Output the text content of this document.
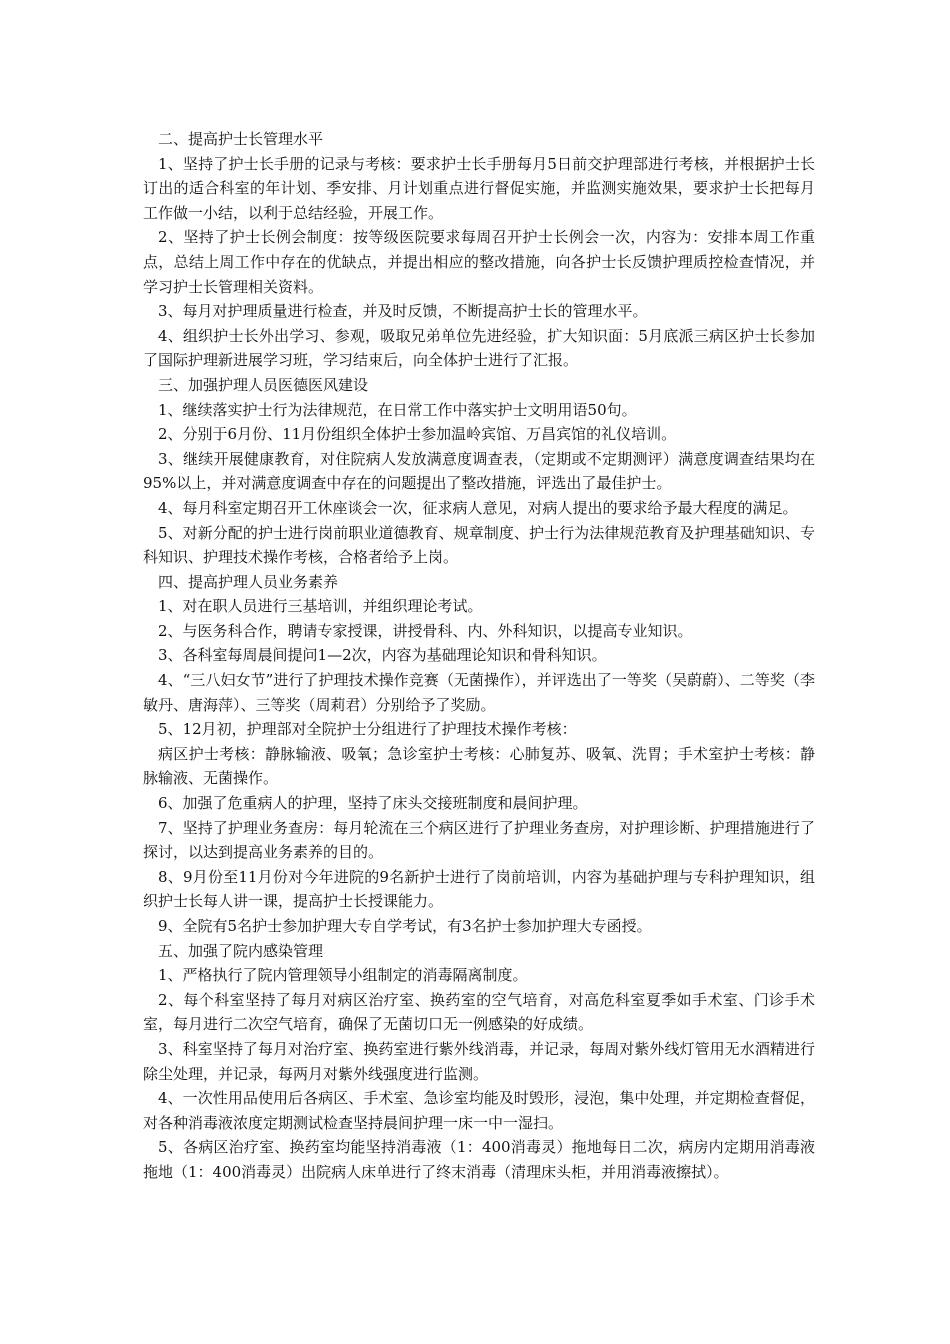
二、提高护士长管理水平

1、坚持了护士长手册的记录与考核：要求护士长手册每月5日前交护理部进行考核，并根据护士长订出的适合科室的年计划、季安排、月计划重点进行督促实施，并监测实施效果，要求护士长把每月工作做一小结，以利于总结经验，开展工作。

2、坚持了护士长例会制度：按等级医院要求每周召开护士长例会一次，内容为：安排本周工作重点，总结上周工作中存在的优缺点，并提出相应的整改措施，向各护士长反馈护理质控检查情况，并学习护士长管理相关资料。

3、每月对护理质量进行检查，并及时反馈，不断提高护士长的管理水平。

4、组织护士长外出学习、参观，吸取兄弟单位先进经验，扩大知识面：5月底派三病区护士长参加了国际护理新进展学习班，学习结束后，向全体护士进行了汇报。

三、加强护理人员医德医风建设

1、继续落实护士行为法律规范，在日常工作中落实护士文明用语50句。

2、分别于6月份、11月份组织全体护士参加温岭宾馆、万昌宾馆的礼仪培训。

3、继续开展健康教育，对住院病人发放满意度调查表，（定期或不定期测评）满意度调查结果均在95%以上，并对满意度调查中存在的问题提出了整改措施，评选出了最佳护士。

4、每月科室定期召开工休座谈会一次，征求病人意见，对病人提出的要求给予最大程度的满足。

5、对新分配的护士进行岗前职业道德教育、规章制度、护士行为法律规范教育及护理基础知识、专科知识、护理技术操作考核，合格者给予上岗。

四、提高护理人员业务素养

1、对在职人员进行三基培训，并组织理论考试。

2、与医务科合作，聘请专家授课，讲授骨科、内、外科知识，以提高专业知识。

3、各科室每周晨间提问1—2次，内容为基础理论知识和骨科知识。

4、“三八妇女节”进行了护理技术操作竞赛（无菌操作），并评选出了一等奖（吴蔚蔚）、二等奖（李敏丹、唐海萍）、三等奖（周莉君）分别给予了奖励。

5、12月初，护理部对全院护士分组进行了护理技术操作考核：

病区护士考核：静脉输液、吸氧；急诊室护士考核：心肺复苏、吸氧、洗胃；手术室护士考核：静脉输液、无菌操作。

6、加强了危重病人的护理，坚持了床头交接班制度和晨间护理。

7、坚持了护理业务查房：每月轮流在三个病区进行了护理业务查房，对护理诊断、护理措施进行了探讨，以达到提高业务素养的目的。

8、9月份至11月份对今年进院的9名新护士进行了岗前培训，内容为基础护理与专科护理知识，组织护士长每人讲一课，提高护士长授课能力。

9、全院有5名护士参加护理大专自学考试，有3名护士参加护理大专函授。

五、加强了院内感染管理

1、严格执行了院内管理领导小组制定的消毒隔离制度。

2、每个科室坚持了每月对病区治疗室、换药室的空气培育，对高危科室夏季如手术室、门诊手术室，每月进行二次空气培育，确保了无菌切口无一例感染的好成绩。

3、科室坚持了每月对治疗室、换药室进行紫外线消毒，并记录，每周对紫外线灯管用无水酒精进行除尘处理，并记录，每两月对紫外线强度进行监测。

4、一次性用品使用后各病区、手术室、急诊室均能及时毁形，浸泡，集中处理，并定期检查督促，对各种消毒液浓度定期测试检查坚持晨间护理一床一中一湿扫。

5、各病区治疗室、换药室均能坚持消毒液（1：400消毒灵）拖地每日二次，病房内定期用消毒液拖地（1：400消毒灵）出院病人床单进行了终末消毒（清理床头柜，并用消毒液擦拭）。
